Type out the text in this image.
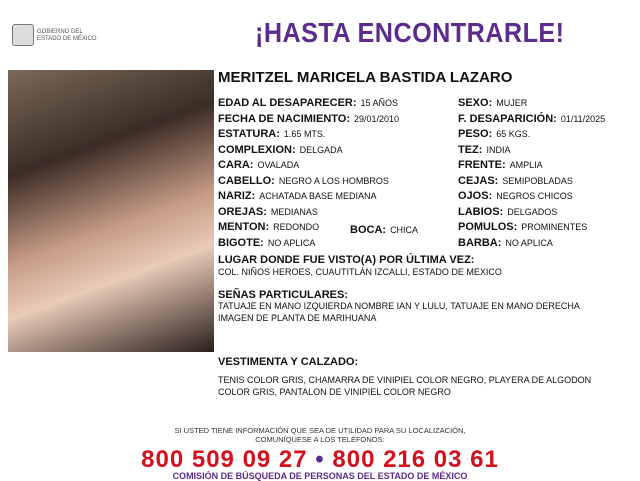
GOBIERNO DEL
ESTADO DE MÉXICO	¡HASTA ENCONTRARLE!
MERITZEL MARICELA BASTIDA LAZARO
EDAD AL DESAPARECER: 15 AÑOS
FECHA DE NACIMIENTO: 29/01/2010
ESTATURA: 1.65 MTS.
COMPLEXION: DELGADA
CARA: OVALADA
CABELLO: NEGRO A LOS HOMBROS
NARIZ: ACHATADA BASE MEDIANA
OREJAS: MEDIANAS
MENTON: REDONDO
BIGOTE: NO APLICA
SEXO: MUJER
F. DESAPARICIÓN: 01/11/2025
PESO: 65 KGS.
TEZ: INDIA
FRENTE: AMPLIA
CEJAS: SEMIPOBLADAS
OJOS: NEGROS CHICOS
LABIOS: DELGADOS
POMULOS: PROMINENTES
BARBA: NO APLICA
BOCA: CHICA
LUGAR DONDE FUE VISTO(A) POR ÚLTIMA VEZ:
COL. NIÑOS HEROES, CUAUTITLÁN IZCALLI, ESTADO DE MEXICO
SEÑAS PARTICULARES:
TATUAJE EN MANO IZQUIERDA NOMBRE IAN Y LULU, TATUAJE EN MANO DERECHA
IMAGEN DE PLANTA DE MARIHUANA
VESTIMENTA Y CALZADO:
TENIS COLOR GRIS, CHAMARRA DE VINIPIEL COLOR NEGRO, PLAYERA DE ALGODON
COLOR GRIS, PANTALON DE VINIPIEL COLOR NEGRO
SI USTED TIENE INFORMACIÓN QUE SEA DE UTILIDAD PARA SU LOCALIZACIÓN,
COMUNÍQUESE A LOS TELÉFONOS:
800 509 09 27 • 800 216 03 61
COMISIÓN DE BÚSQUEDA DE PERSONAS DEL ESTADO DE MÉXICO
